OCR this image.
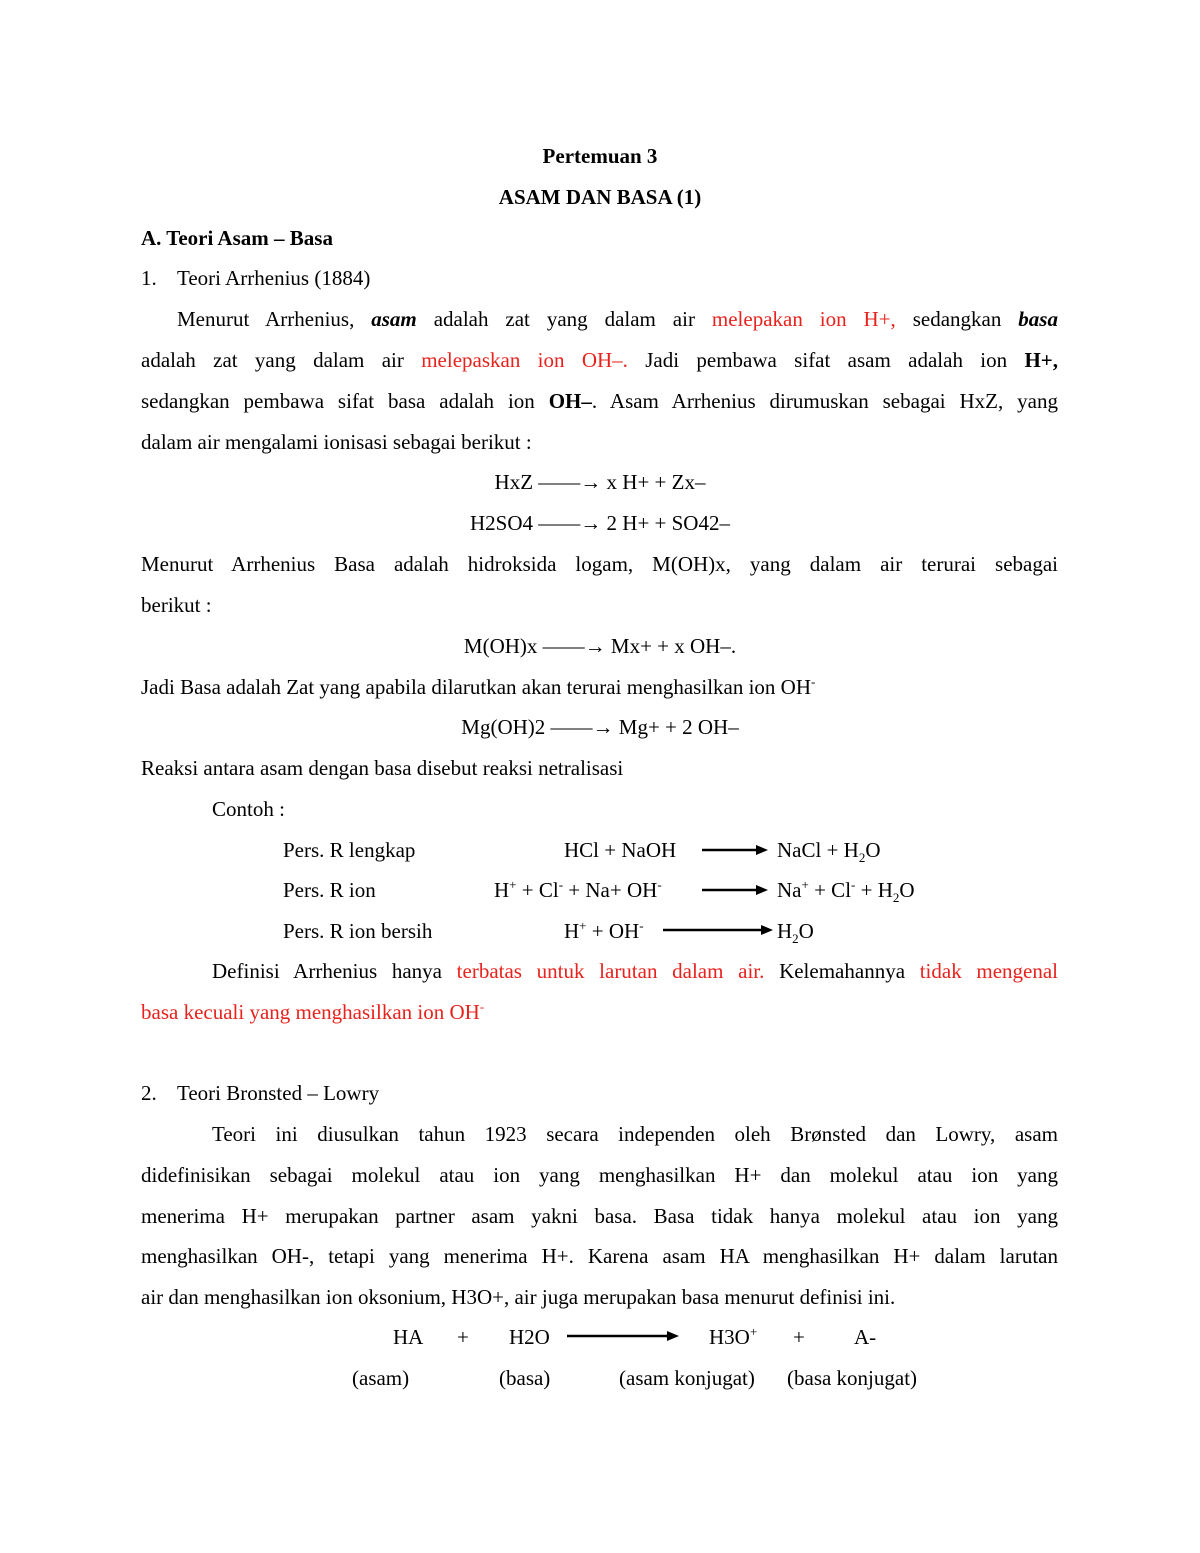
Pertemuan 3
ASAM DAN BASA (1)
A. Teori Asam – Basa
1. Teori Arrhenius (1884)
Menurut Arrhenius, asam adalah zat yang dalam air melepakan ion H+, sedangkan basa
adalah zat yang dalam air melepaskan ion OH–. Jadi pembawa sifat asam adalah ion H+,
sedangkan pembawa sifat basa adalah ion OH–. Asam Arrhenius dirumuskan sebagai HxZ, yang
dalam air mengalami ionisasi sebagai berikut :
HxZ ——→ x H+ + Zx–
H2SO4 ——→ 2 H+ + SO42–
Menurut Arrhenius Basa adalah hidroksida logam, M(OH)x, yang dalam air terurai sebagai
berikut :
M(OH)x ——→ Mx+ + x OH–.
Jadi Basa adalah Zat yang apabila dilarutkan akan terurai menghasilkan ion OH-
Mg(OH)2 ——→ Mg+ + 2 OH–
Reaksi antara asam dengan basa disebut reaksi netralisasi
Contoh :
Pers. R lengkap	HCl + NaOH → NaCl + $H_2O$
Pers. R ion	$H^+ + Cl^- + Na+ OH^- \to Na^+ + Cl^- + H_2O$
Pers. R ion bersih	H+ + OH-	$H_2O$
Definisi Arrhenius hanya terbatas untuk larutan dalam air. Kelemahannya tidak mengenal
basa kecuali yang menghasilkan ion OH-
2. Teori Bronsted – Lowry
Teori ini diusulkan tahun 1923 secara independen oleh Brønsted dan Lowry, asam
didefinisikan sebagai molekul atau ion yang menghasilkan H+ dan molekul atau ion yang
menerima H+ merupakan partner asam yakni basa. Basa tidak hanya molekul atau ion yang
menghasilkan OH-, tetapi yang menerima H+. Karena asam HA menghasilkan H+ dalam larutan
air dan menghasilkan ion oksonium, H3O+, air juga merupakan basa menurut definisi ini.
HA + H2O	H3O+ + A-
(asam)	(basa)	(asam konjugat) (basa konjugat)
